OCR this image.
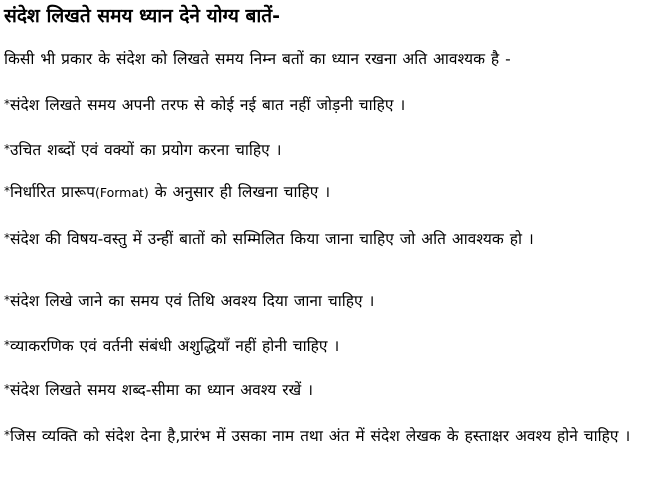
संदेश लिखते समय ध्यान देने योग्य बातें-
किसी भी प्रकार के संदेश को लिखते समय निम्न बतों का ध्यान रखना अति आवश्यक है -
*संदेश लिखते समय अपनी तरफ से कोई नई बात नहीं जोड़नी चाहिए ।
*उचित शब्दों एवं वक्यों का प्रयोग करना चाहिए ।
*निर्धारित प्रारूप(Format) के अनुसार ही लिखना चाहिए ।
*संदेश की विषय-वस्तु में उन्हीं बातों को सम्मिलित किया जाना चाहिए जो अति आवश्यक हो ।
*संदेश लिखे जाने का समय एवं तिथि अवश्य दिया जाना चाहिए ।
*व्याकरणिक एवं वर्तनी संबंधी अशुद्धियाँ नहीं होनी चाहिए ।
*संदेश लिखते समय शब्द-सीमा का ध्यान अवश्य रखें ।
*जिस व्यक्ति को संदेश देना है,प्रारंभ में उसका नाम तथा अंत में संदेश लेखक के हस्ताक्षर अवश्य होने चाहिए ।
